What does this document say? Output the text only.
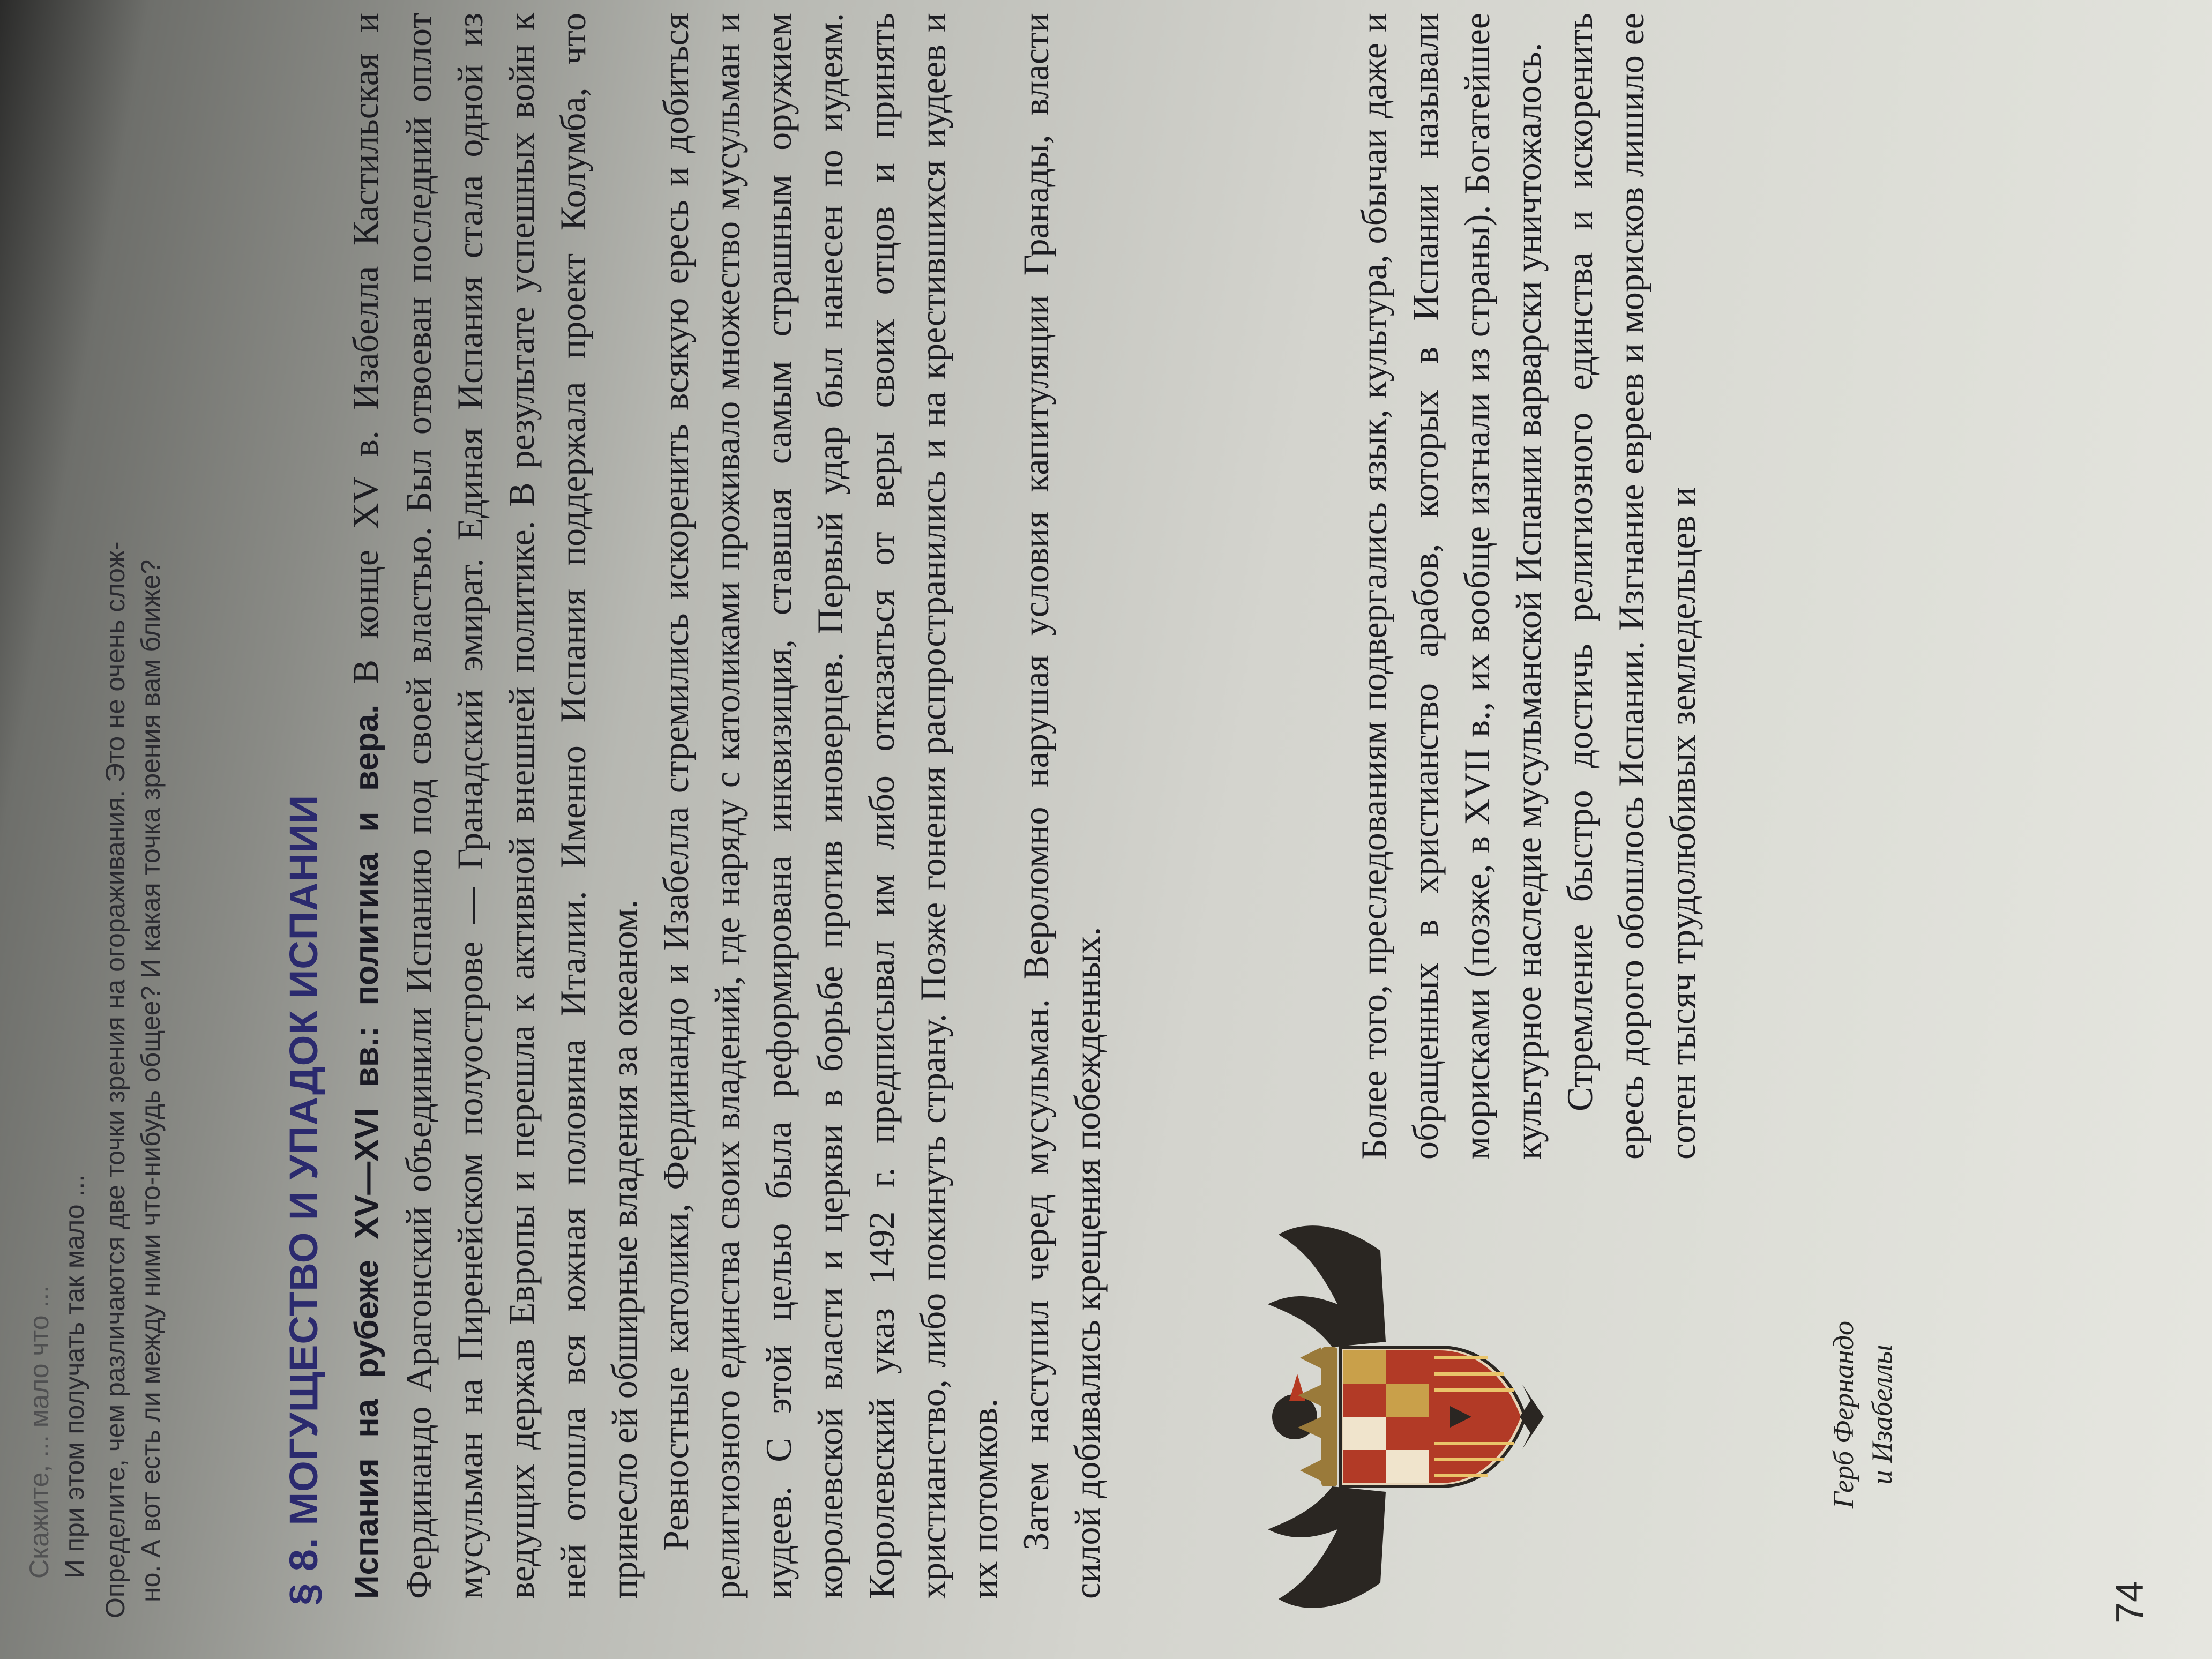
Скажите, ... мало что ... И при этом получать так мало ... Определите, чем различаются две точки зрения на огораживания. Это не очень слож- но. А вот есть ли между ними что-нибудь общее? И какая точка зрения вам ближе?	§ 8.МОГУЩЕСТВО И УПАДОК ИСПАНИИ Испания на рубеже XV—XVI вв.: политика и вера. В конце XV в. Изабелла Кастильская и Фердинандо Арагонский объединили Испанию под своей властью. Был отвоеван последний оплот мусульман на Пиренейском полуострове — Гранадский эмират. Единая Испания стала одной из ведущих держав Европы и перешла к активной внешней политике. В результате успешных войн к ней отошла вся южная половина Италии. Именно Испания поддержала проект Колумба, что принесло ей обширные владения за океаном. Ревностные католики, Фердинандо и Изабелла стремились искоренить всякую ересь и добиться религиозного единства своих владений, где наряду с католиками проживало множество мусульман и иудеев. С этой целью была реформирована инквизиция, ставшая самым страшным оружием королевской власти и церкви в борьбе против иноверцев. Первый удар был нанесен по иудеям. Королевский указ 1492 г. предписывал им либо отказаться от веры своих отцов и принять христианство, либо покинуть страну. Позже гонения распространились и на крестившихся иудеев и их потомков. Затем наступил черед мусульман. Вероломно нарушая условия капитуляции Гранады, власти силой добивались крещения побежденных.

Более того, преследованиям подвергались язык, культура, обычаи даже и обращенных в христианство арабов, которых в Испании называли морисками (позже, в XVII в., их вообще изгнали из страны). Богатейшее культурное наследие мусульманской Испании варварски уничтожалось. Стремление быстро достичь религиозного единства и искоренить ересь дорого обошлось Испании. Изгнание евреев и морисков лишило ее сотен тысяч трудолюбивых земледельцев и

Герб Фернандо и Изабеллы
74
